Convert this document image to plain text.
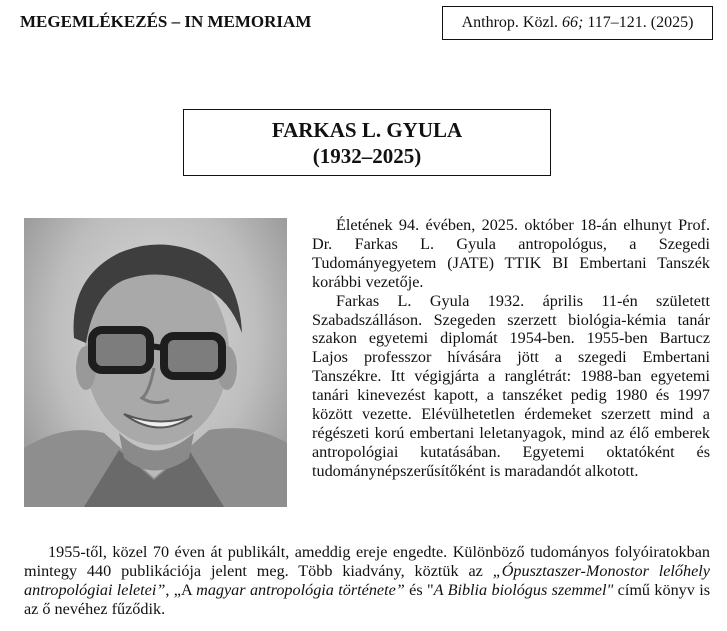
MEGEMLÉKEZÉS – IN MEMORIAM	Anthrop. Közl. 66; 117–121. (2025)
FARKAS L. GYULA
(1932–2025)

Életének 94. évében, 2025. október 18-án elhunyt Prof. Dr. Farkas L. Gyula antropológus, a Szegedi Tudományegyetem (JATE) TTIK BI Embertani Tanszék korábbi vezetője.

Farkas L. Gyula 1932. április 11-én született Szabadszálláson. Szegeden szerzett biológia-kémia tanár szakon egyetemi diplomát 1954-ben. 1955-ben Bartucz Lajos professzor hívására jött a szegedi Embertani Tanszékre. Itt végigjárta a ranglétrát: 1988-ban egyetemi tanári kinevezést kapott, a tanszéket pedig 1980 és 1997 között vezette. Elévülhetetlen érdemeket szerzett mind a régészeti korú embertani leletanyagok, mind az élő emberek antropológiai kutatásában. Egyetemi oktatóként és tudománynépszerűsítőként is maradandót alkotott.

1955-től, közel 70 éven át publikált, ameddig ereje engedte. Különböző tudományos folyóiratokban mintegy 440 publikációja jelent meg. Több kiadvány, köztük az „Ópusztaszer-Monostor lelőhely antropológiai leletei”, „A magyar antropológia története” és "A Biblia biológus szemmel" című könyv is az ő nevéhez fűződik.
